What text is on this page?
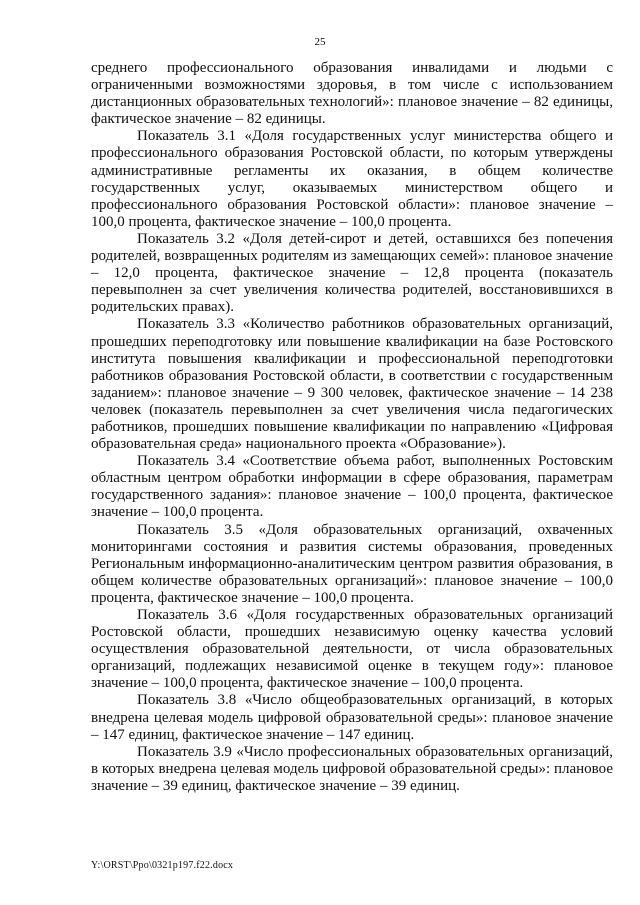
25

среднего профессионального образования инвалидами и людьми с ограниченными возможностями здоровья, в том числе с использованием дистанционных образовательных технологий»: плановое значение – 82 единицы, фактическое значение – 82 единицы.

Показатель 3.1 «Доля государственных услуг министерства общего и профессионального образования Ростовской области, по которым утверждены административные регламенты их оказания, в общем количестве государственных услуг, оказываемых министерством общего и профессионального образования Ростовской области»: плановое значение – 100,0 процента, фактическое значение – 100,0 процента.

Показатель 3.2 «Доля детей-сирот и детей, оставшихся без попечения родителей, возвращенных родителям из замещающих семей»: плановое значение – 12,0 процента, фактическое значение – 12,8 процента (показатель перевыполнен за счет увеличения количества родителей, восстановившихся в родительских правах).

Показатель 3.3 «Количество работников образовательных организаций, прошедших переподготовку или повышение квалификации на базе Ростовского института повышения квалификации и профессиональной переподготовки работников образования Ростовской области, в соответствии с государственным заданием»: плановое значение – 9 300 человек, фактическое значение – 14 238 человек (показатель перевыполнен за счет увеличения числа педагогических работников, прошедших повышение квалификации по направлению «Цифровая образовательная среда» национального проекта «Образование»).

Показатель 3.4 «Соответствие объема работ, выполненных Ростовским областным центром обработки информации в сфере образования, параметрам государственного задания»: плановое значение – 100,0 процента, фактическое значение – 100,0 процента.

Показатель 3.5 «Доля образовательных организаций, охваченных мониторингами состояния и развития системы образования, проведенных Региональным информационно-аналитическим центром развития образования, в общем количестве образовательных организаций»: плановое значение – 100,0 процента, фактическое значение – 100,0 процента.

Показатель 3.6 «Доля государственных образовательных организаций Ростовской области, прошедших независимую оценку качества условий осуществления образовательной деятельности, от числа образовательных организаций, подлежащих независимой оценке в текущем году»: плановое значение – 100,0 процента, фактическое значение – 100,0 процента.

Показатель 3.8 «Число общеобразовательных организаций, в которых внедрена целевая модель цифровой образовательной среды»: плановое значение – 147 единиц, фактическое значение – 147 единиц.

Показатель 3.9 «Число профессиональных образовательных организаций, в которых внедрена целевая модель цифровой образовательной среды»: плановое значение – 39 единиц, фактическое значение – 39 единиц.

Y:\ORST\Ppo\0321p197.f22.docx
